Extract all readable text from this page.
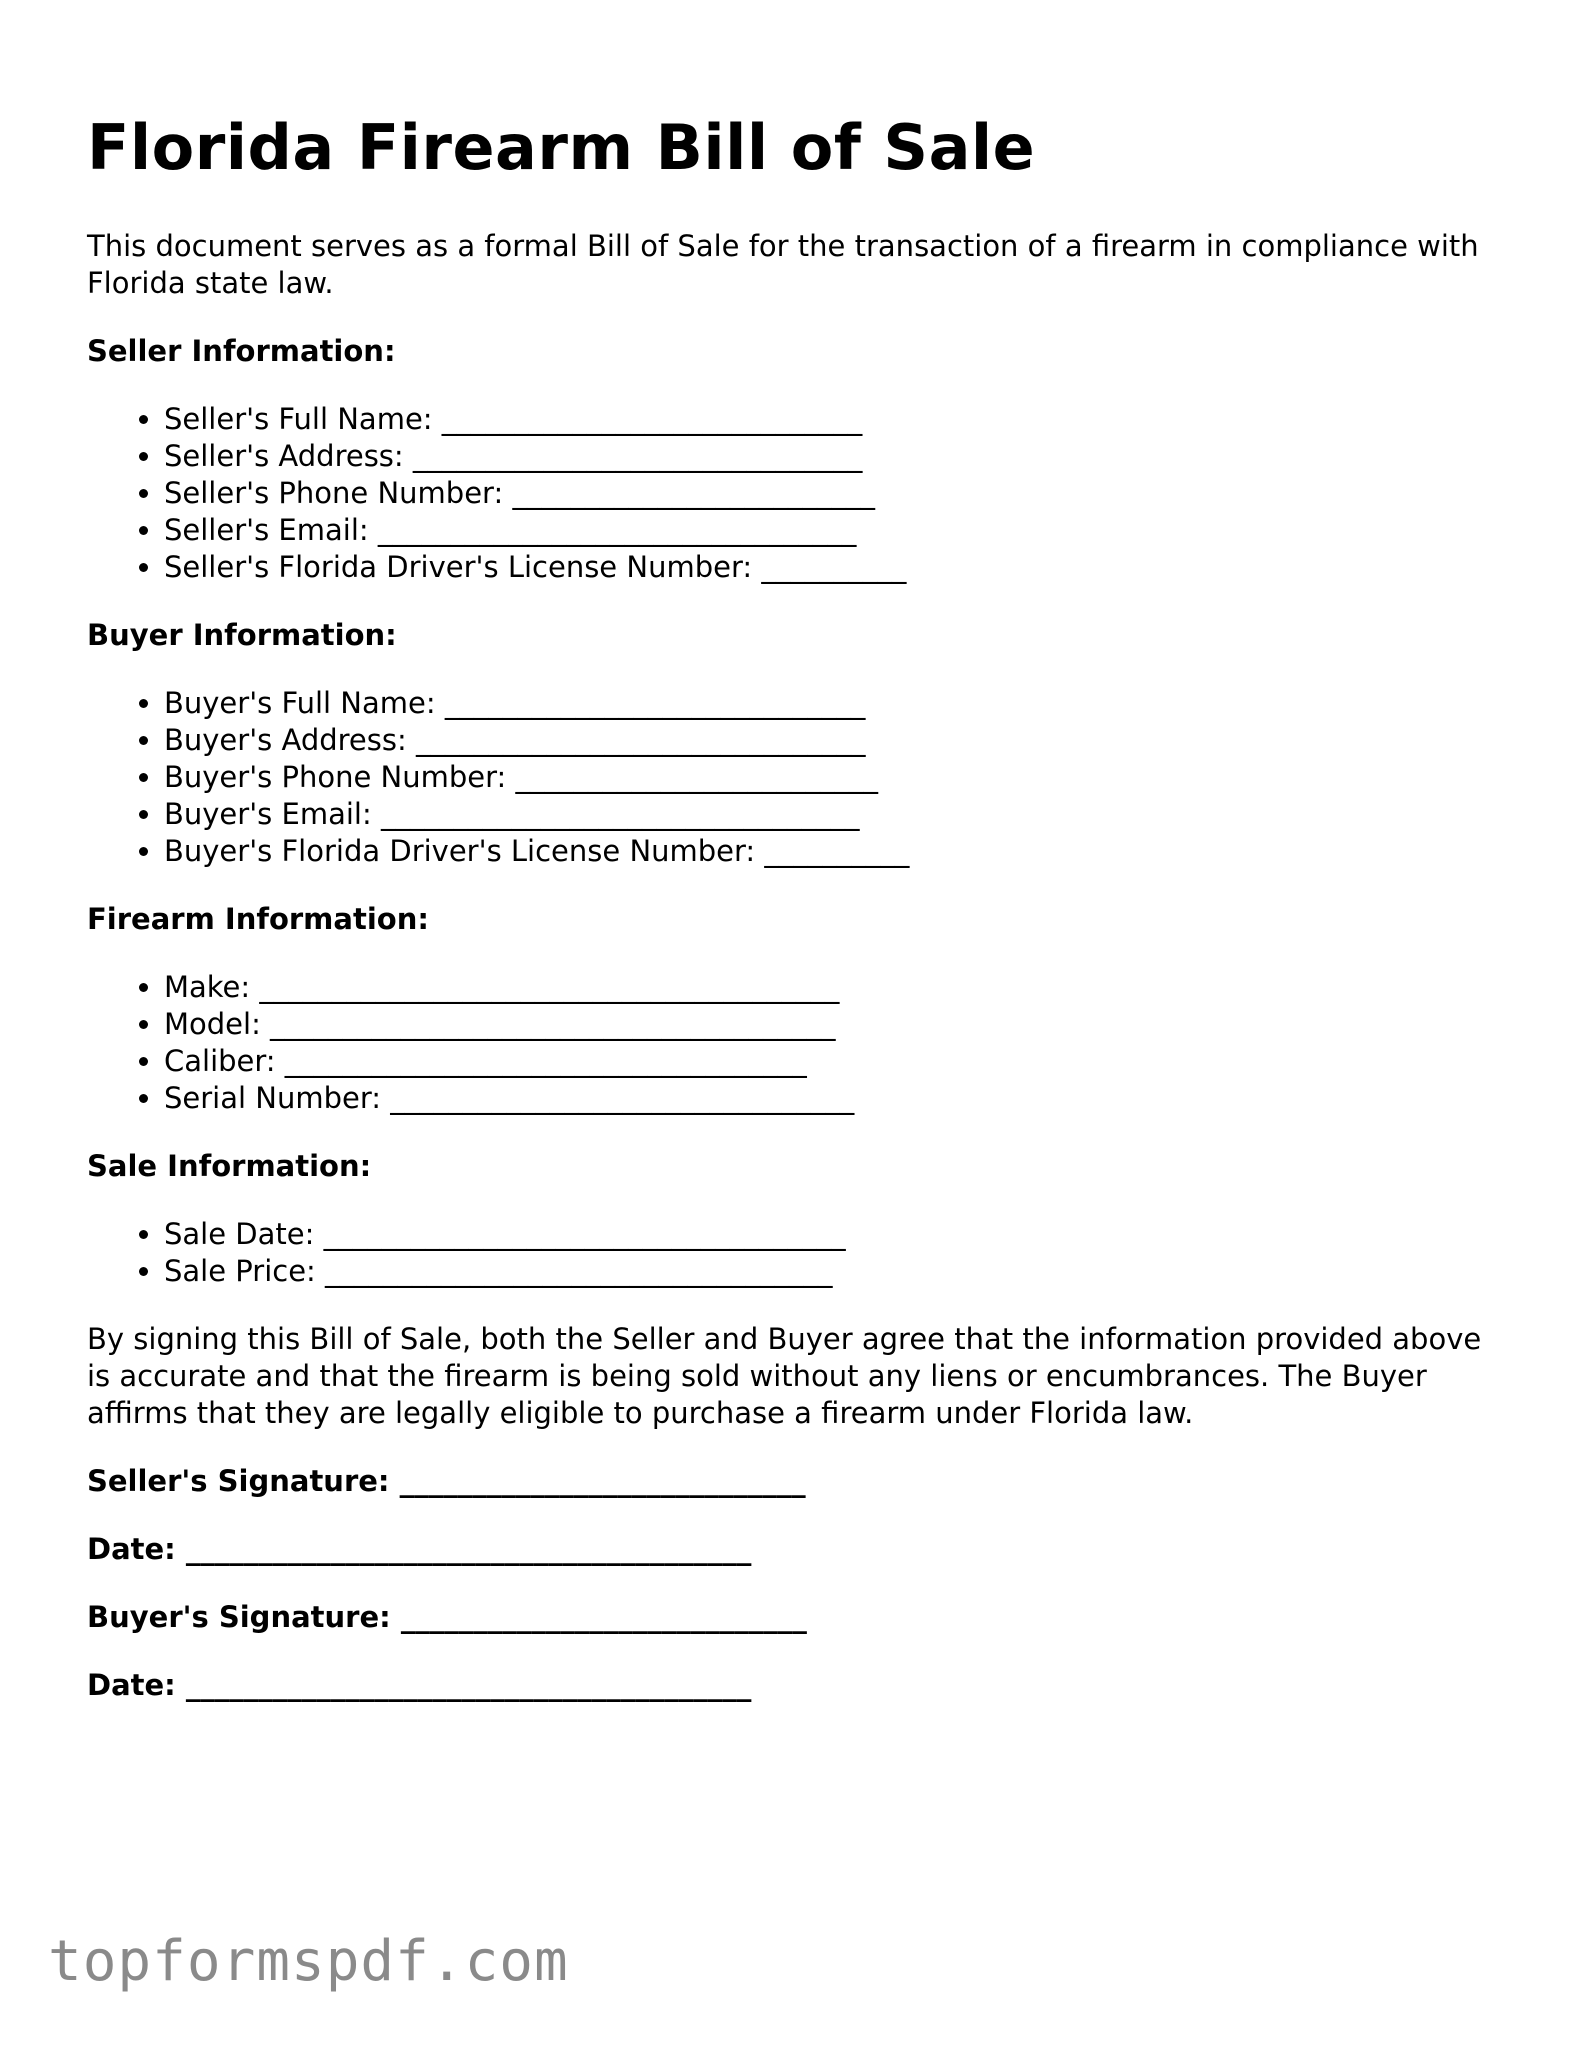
Florida Firearm Bill of Sale

This document serves as a formal Bill of Sale for the transaction of a firearm in compliance with Florida state law.

Seller Information:
• Seller's Full Name: _____________________________
• Seller's Address: _______________________________
• Seller's Phone Number: _________________________
• Seller's Email: _________________________________
• Seller's Florida Driver's License Number: __________
Buyer Information:
• Buyer's Full Name: _____________________________
• Buyer's Address: _______________________________
• Buyer's Phone Number: _________________________
• Buyer's Email: _________________________________
• Buyer's Florida Driver's License Number: __________
Firearm Information:
• Make: ________________________________________
• Model: _______________________________________
• Caliber: ____________________________________
• Serial Number: ________________________________
Sale Information:
• Sale Date: ____________________________________
• Sale Price: ___________________________________

By signing this Bill of Sale, both the Seller and Buyer agree that the information provided above is accurate and that the firearm is being sold without any liens or encumbrances. The Buyer affirms that they are legally eligible to purchase a firearm under Florida law.

Seller's Signature: ____________________________
Date: _______________________________________
Buyer's Signature: ____________________________
Date: _______________________________________
topformspdf.com
